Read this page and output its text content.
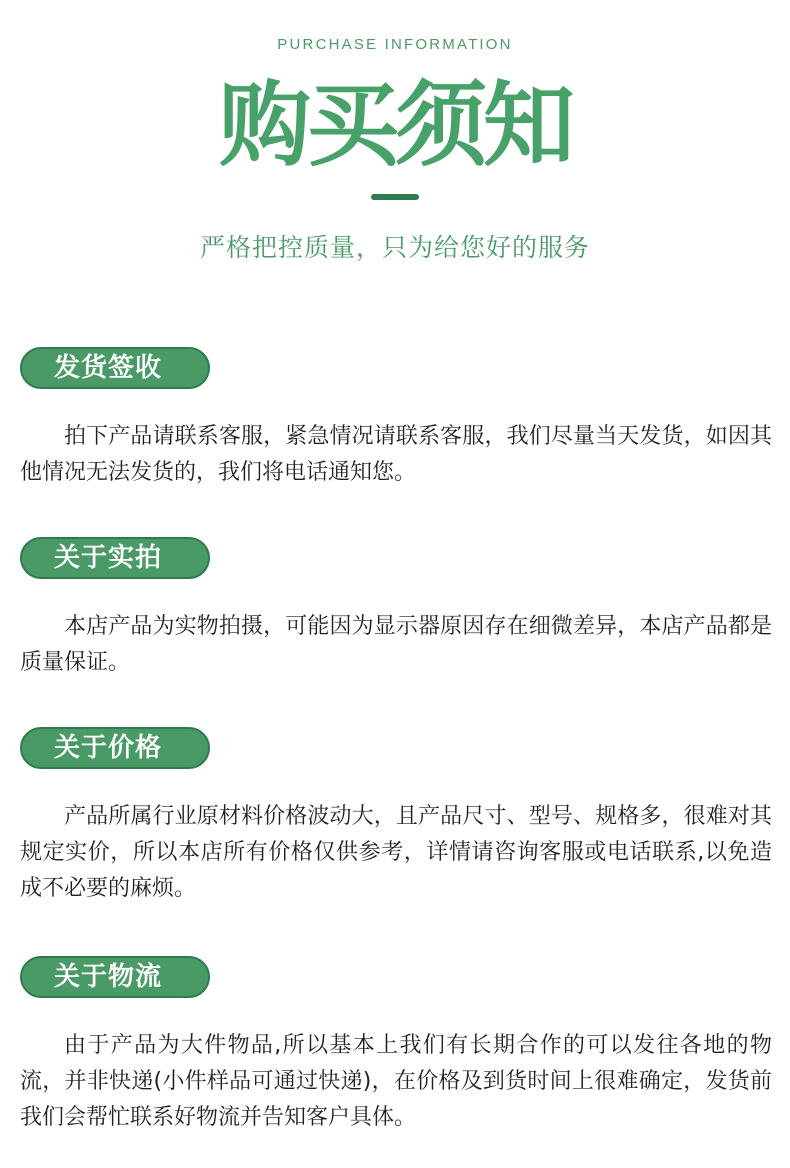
PURCHASE INFORMATION
购买须知
严格把控质量，只为给您好的服务
发货签收
拍下产品请联系客服，紧急情况请联系客服，我们尽量当天发货，如因其他情况无法发货的，我们将电话通知您。
关于实拍
本店产品为实物拍摄，可能因为显示器原因存在细微差异，本店产品都是质量保证。
关于价格
产品所属行业原材料价格波动大，且产品尺寸、型号、规格多，很难对其规定实价，所以本店所有价格仅供参考，详情请咨询客服或电话联系,以免造成不必要的麻烦。
关于物流
由于产品为大件物品,所以基本上我们有长期合作的可以发往各地的物流，并非快递(小件样品可通过快递)，在价格及到货时间上很难确定，发货前我们会帮忙联系好物流并告知客户具体。
